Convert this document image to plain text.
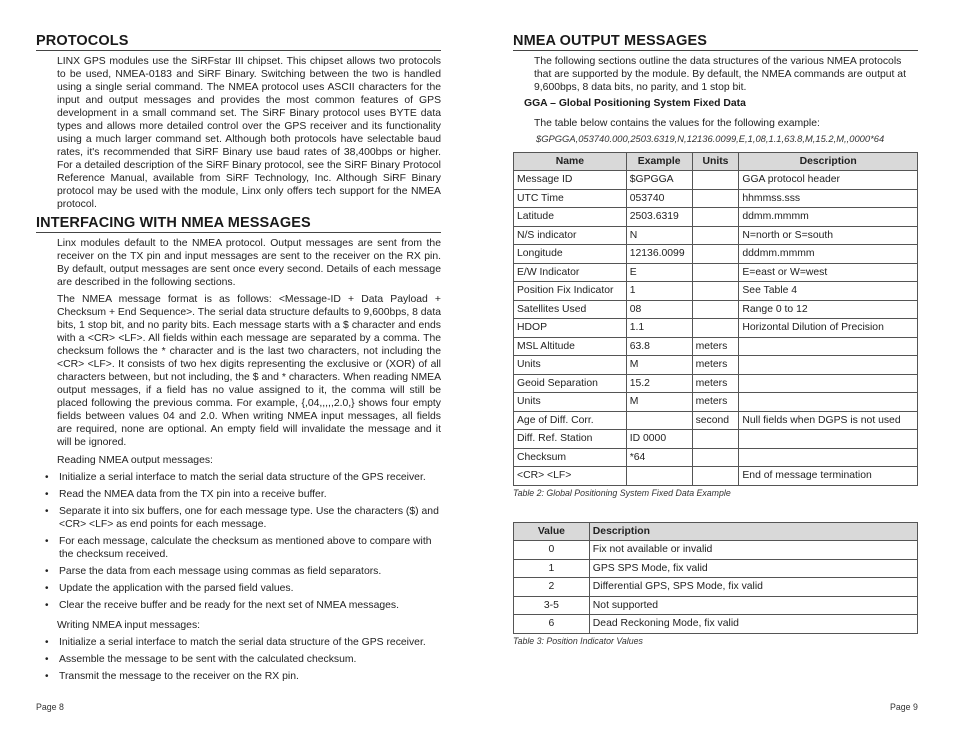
PROTOCOLS

LINX GPS modules use the SiRFstar III chipset. This chipset allows two protocols to be used, NMEA-0183 and SiRF Binary. Switching between the two is handled using a single serial command. The NMEA protocol uses ASCII characters for the input and output messages and provides the most common features of GPS development in a small command set. The SiRF Binary protocol uses BYTE data types and allows more detailed control over the GPS receiver and its functionality using a much larger command set. Although both protocols have selectable baud rates, it's recommended that SiRF Binary use baud rates of 38,400bps or higher. For a detailed description of the SiRF Binary protocol, see the SiRF Binary Protocol Reference Manual, available from SiRF Technology, Inc. Although SiRF Binary protocol may be used with the module, Linx only offers tech support for the NMEA protocol.

INTERFACING WITH NMEA MESSAGES

Linx modules default to the NMEA protocol. Output messages are sent from the receiver on the TX pin and input messages are sent to the receiver on the RX pin. By default, output messages are sent once every second. Details of each message are described in the following sections.

The NMEA message format is as follows: <Message-ID + Data Payload + Checksum + End Sequence>. The serial data structure defaults to 9,600bps, 8 data bits, 1 stop bit, and no parity bits. Each message starts with a $ character and ends with a <CR> <LF>. All fields within each message are separated by a comma. The checksum follows the * character and is the last two characters, not including the <CR> <LF>. It consists of two hex digits representing the exclusive or (XOR) of all characters between, but not including, the $ and * characters. When reading NMEA output messages, if a field has no value assigned to it, the comma will still be placed following the previous comma. For example, {,04,,,,,2.0,} shows four empty fields between values 04 and 2.0. When writing NMEA input messages, all fields are required, none are optional. An empty field will invalidate the message and it will be ignored.

Reading NMEA output messages:

• Initialize a serial interface to match the serial data structure of the GPS receiver.
• Read the NMEA data from the TX pin into a receive buffer.
• Separate it into six buffers, one for each message type. Use the characters ($) and <CR> <LF> as end points for each message.
• For each message, calculate the checksum as mentioned above to compare with the checksum received.
• Parse the data from each message using commas as field separators.
• Update the application with the parsed field values.
• Clear the receive buffer and be ready for the next set of NMEA messages.

Writing NMEA input messages:

• Initialize a serial interface to match the serial data structure of the GPS receiver.
• Assemble the message to be sent with the calculated checksum.
• Transmit the message to the receiver on the RX pin.
Page 8
NMEA OUTPUT MESSAGES

The following sections outline the data structures of the various NMEA protocols that are supported by the module. By default, the NMEA commands are output at 9,600bps, 8 data bits, no parity, and 1 stop bit.

GGA – Global Positioning System Fixed Data

The table below contains the values for the following example:

$GPGGA,053740.000,2503.6319,N,12136.0099,E,1,08,1.1,63.8,M,15.2,M,,0000*64

Name	Example	Units	Description
Message ID	$GPGGA		GGA protocol header
UTC Time	053740		hhmmss.sss
Latitude	2503.6319		ddmm.mmmm
N/S indicator	N		N=north or S=south
Longitude	12136.0099		dddmm.mmmm
E/W Indicator	E		E=east or W=west
Position Fix Indicator	1		See Table 4
Satellites Used	08		Range 0 to 12
HDOP	1.1		Horizontal Dilution of Precision
MSL Altitude	63.8	meters	
Units	M	meters	
Geoid Separation	15.2	meters	
Units	M	meters	
Age of Diff. Corr.		second	Null fields when DGPS is not used
Diff. Ref. Station	ID 0000		
Checksum	*64		
<CR> <LF>			End of message termination
Table 2: Global Positioning System Fixed Data Example
Value	Description
0	Fix not available or invalid
1	GPS SPS Mode, fix valid
2	Differential GPS, SPS Mode, fix valid
3-5	Not supported
6	Dead Reckoning Mode, fix valid
Table 3: Position Indicator Values
Page 9
